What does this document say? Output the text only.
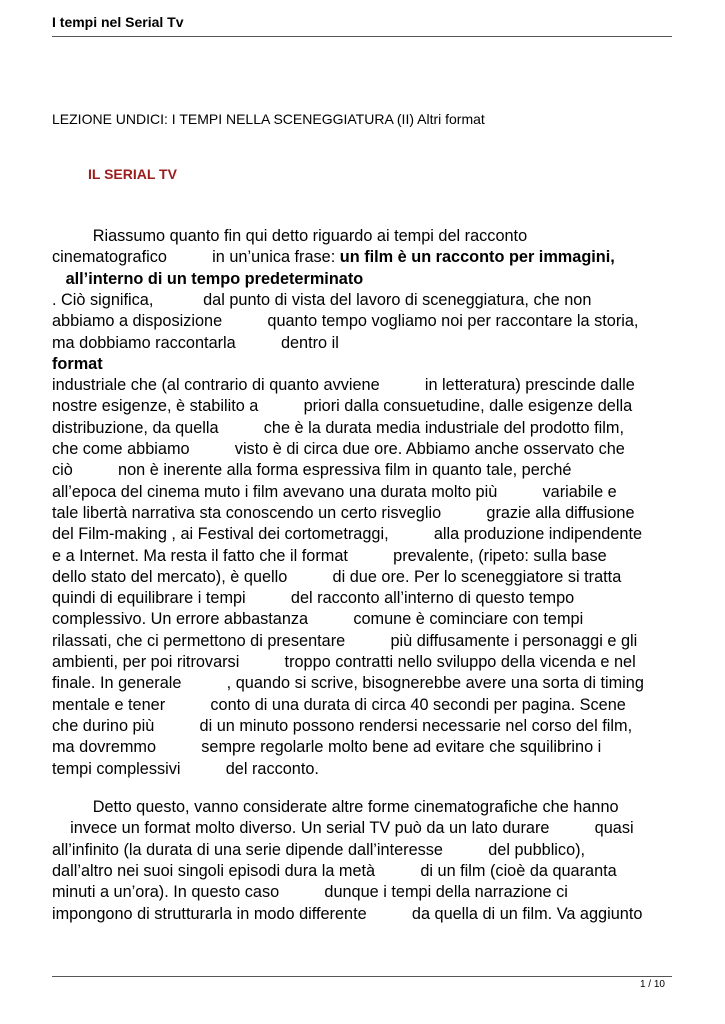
I tempi nel Serial Tv
LEZIONE UNDICI: I TEMPI NELLA SCENEGGIATURA (II) Altri format
IL SERIAL TV
Riassumo quanto fin qui detto riguardo ai tempi del racconto
cinematografico          in un’unica frase: un film è un racconto per immagini,
all’interno di un tempo predeterminato
. Ciò significa,           dal punto di vista del lavoro di sceneggiatura, che non
abbiamo a disposizione          quanto tempo vogliamo noi per raccontare la storia,
ma dobbiamo raccontarla          dentro il
format
industriale che (al contrario di quanto avviene          in letteratura) prescinde dalle
nostre esigenze, è stabilito a          priori dalla consuetudine, dalle esigenze della
distribuzione, da quella          che è la durata media industriale del prodotto film,
che come abbiamo          visto è di circa due ore. Abbiamo anche osservato che
ciò          non è inerente alla forma espressiva film in quanto tale, perché
all’epoca del cinema muto i film avevano una durata molto più          variabile e
tale libertà narrativa sta conoscendo un certo risveglio          grazie alla diffusione
del Film-making , ai Festival dei cortometraggi,          alla produzione indipendente
e a Internet. Ma resta il fatto che il format          prevalente, (ripeto: sulla base
dello stato del mercato), è quello          di due ore. Per lo sceneggiatore si tratta
quindi di equilibrare i tempi          del racconto all’interno di questo tempo
complessivo. Un errore abbastanza          comune è cominciare con tempi
rilassati, che ci permettono di presentare          più diffusamente i personaggi e gli
ambienti, per poi ritrovarsi          troppo contratti nello sviluppo della vicenda e nel
finale. In generale          , quando si scrive, bisognerebbe avere una sorta di timing
mentale e tener          conto di una durata di circa 40 secondi per pagina. Scene
che durino più          di un minuto possono rendersi necessarie nel corso del film,
ma dovremmo          sempre regolarle molto bene ad evitare che squilibrino i
tempi complessivi          del racconto.
Detto questo, vanno considerate altre forme cinematografiche che hanno
invece un format molto diverso. Un serial TV può da un lato durare          quasi
all’infinito (la durata di una serie dipende dall’interesse          del pubblico),
dall’altro nei suoi singoli episodi dura la metà          di un film (cioè da quaranta
minuti a un’ora). In questo caso          dunque i tempi della narrazione ci
impongono di strutturarla in modo differente          da quella di un film. Va aggiunto
1 / 10
